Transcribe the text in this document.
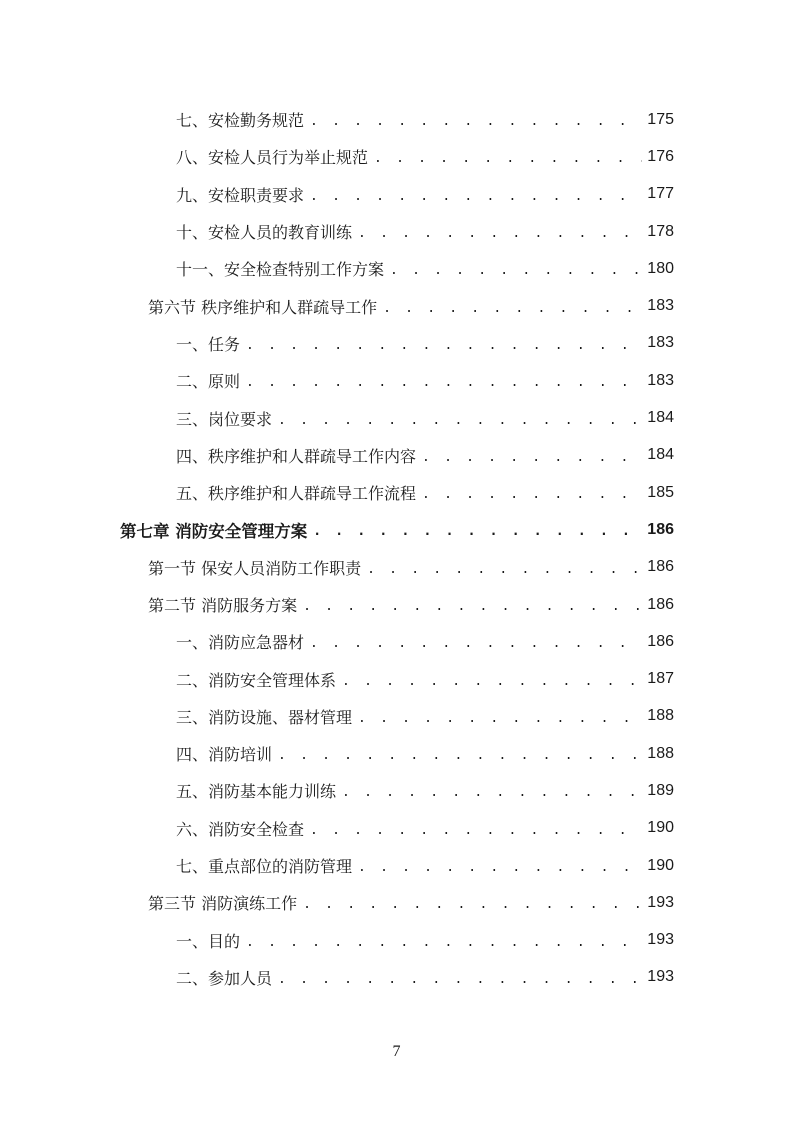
七、安检勤务规范 . . .	175
八、安检人员行为举止规范 . . .	176
九、安检职责要求 . . .	177
十、安检人员的教育训练 . . .	178
十一、安全检查特别工作方案 . . .	180
第六节 秩序维护和人群疏导工作 . . .	183
一、任务 . . .	183
二、原则 . . .	183
三、岗位要求 . . .	184
四、秩序维护和人群疏导工作内容 . . .	184
五、秩序维护和人群疏导工作流程 . . .	185
第七章 消防安全管理方案 . . .	186
第一节 保安人员消防工作职责 . . .	186
第二节 消防服务方案 . . .	186
一、消防应急器材 . . .	186
二、消防安全管理体系 . . .	187
三、消防设施、器材管理 . . .	188
四、消防培训 . . .	188
五、消防基本能力训练 . . .	189
六、消防安全检查 . . .	190
七、重点部位的消防管理 . . .	190
第三节 消防演练工作 . . .	193
一、目的 . . .	193
二、参加人员 . . .	193
7
